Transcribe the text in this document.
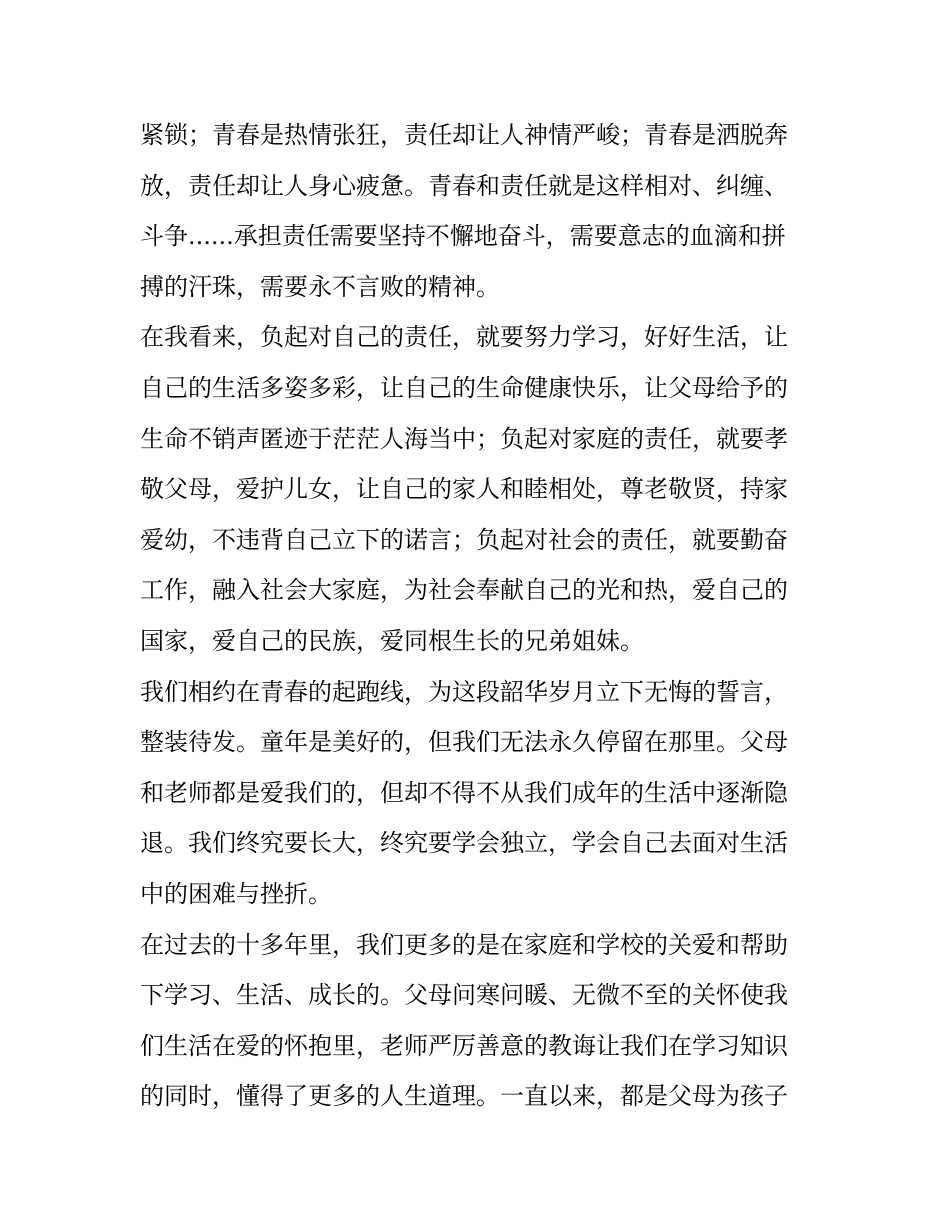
紧锁；青春是热情张狂，责任却让人神情严峻；青春是洒脱奔
放，责任却让人身心疲惫。青春和责任就是这样相对、纠缠、
斗争......承担责任需要坚持不懈地奋斗，需要意志的血滴和拼
搏的汗珠，需要永不言败的精神。
在我看来，负起对自己的责任，就要努力学习，好好生活，让
自己的生活多姿多彩，让自己的生命健康快乐，让父母给予的
生命不销声匿迹于茫茫人海当中；负起对家庭的责任，就要孝
敬父母，爱护儿女，让自己的家人和睦相处，尊老敬贤，持家
爱幼，不违背自己立下的诺言；负起对社会的责任，就要勤奋
工作，融入社会大家庭，为社会奉献自己的光和热，爱自己的
国家，爱自己的民族，爱同根生长的兄弟姐妹。
我们相约在青春的起跑线，为这段韶华岁月立下无悔的誓言，
整装待发。童年是美好的，但我们无法永久停留在那里。父母
和老师都是爱我们的，但却不得不从我们成年的生活中逐渐隐
退。我们终究要长大，终究要学会独立，学会自己去面对生活
中的困难与挫折。
在过去的十多年里，我们更多的是在家庭和学校的关爱和帮助
下学习、生活、成长的。父母问寒问暖、无微不至的关怀使我
们生活在爱的怀抱里，老师严厉善意的教诲让我们在学习知识
的同时，懂得了更多的人生道理。一直以来，都是父母为孩子
